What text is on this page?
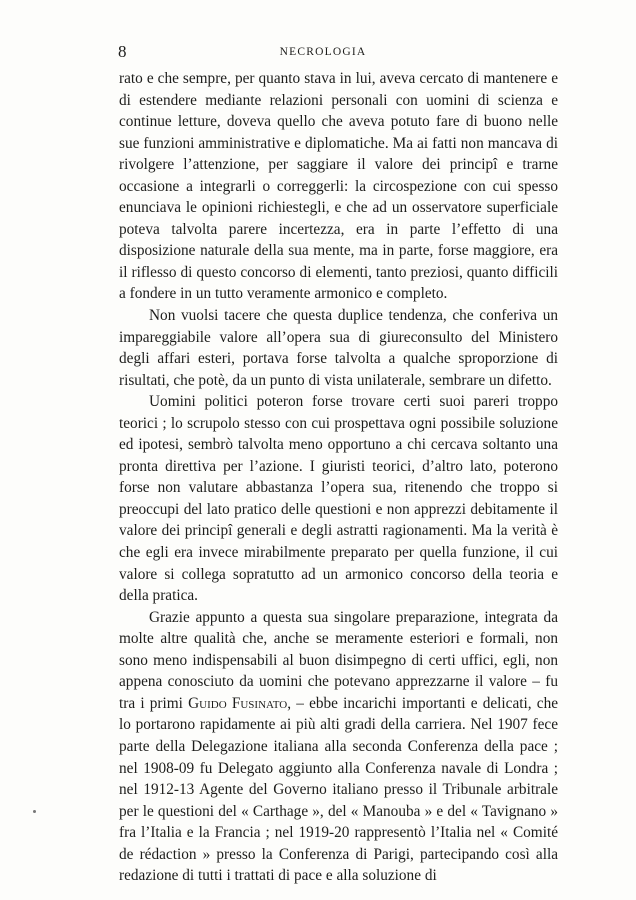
8	NECROLOGIA

rato e che sempre, per quanto stava in lui, aveva cercato di mantenere e di estendere mediante relazioni personali con uomini di scienza e continue letture, doveva quello che aveva potuto fare di buono nelle sue funzioni amministrative e diplomatiche. Ma ai fatti non mancava di rivolgere l’attenzione, per saggiare il valore dei principî e trarne occasione a integrarli o correggerli: la circospezione con cui spesso enunciava le opinioni richiestegli, e che ad un osservatore superficiale poteva talvolta parere incertezza, era in parte l’effetto di una disposizione naturale della sua mente, ma in parte, forse maggiore, era il riflesso di questo concorso di elementi, tanto preziosi, quanto difficili a fondere in un tutto veramente armonico e completo.

Non vuolsi tacere che questa duplice tendenza, che conferiva un impareggiabile valore all’opera sua di giureconsulto del Ministero degli affari esteri, portava forse talvolta a qualche sproporzione di risultati, che potè, da un punto di vista unilaterale, sembrare un difetto.

Uomini politici poteron forse trovare certi suoi pareri troppo teorici ; lo scrupolo stesso con cui prospettava ogni possibile soluzione ed ipotesi, sembrò talvolta meno opportuno a chi cercava soltanto una pronta direttiva per l’azione. I giuristi teorici, d’altro lato, poterono forse non valutare abbastanza l’opera sua, ritenendo che troppo si preoccupi del lato pratico delle questioni e non apprezzi debitamente il valore dei principî generali e degli astratti ragionamenti. Ma la verità è che egli era invece mirabilmente preparato per quella funzione, il cui valore si collega sopratutto ad un armonico concorso della teoria e della pratica.

Grazie appunto a questa sua singolare preparazione, integrata da molte altre qualità che, anche se meramente esteriori e formali, non sono meno indispensabili al buon disimpegno di certi uffici, egli, non appena conosciuto da uomini che potevano apprezzarne il valore – fu tra i primi Guido Fusinato, – ebbe incarichi importanti e delicati, che lo portarono rapidamente ai più alti gradi della carriera. Nel 1907 fece parte della Delegazione italiana alla seconda Conferenza della pace ; nel 1908-09 fu Delegato aggiunto alla Conferenza navale di Londra ; nel 1912-13 Agente del Governo italiano presso il Tribunale arbitrale per le questioni del « Carthage », del « Manouba » e del « Tavignano » fra l’Italia e la Francia ; nel 1919-20 rappresentò l’Italia nel « Comité de rédaction » presso la Conferenza di Parigi, partecipando così alla redazione di tutti i trattati di pace e alla soluzione di
